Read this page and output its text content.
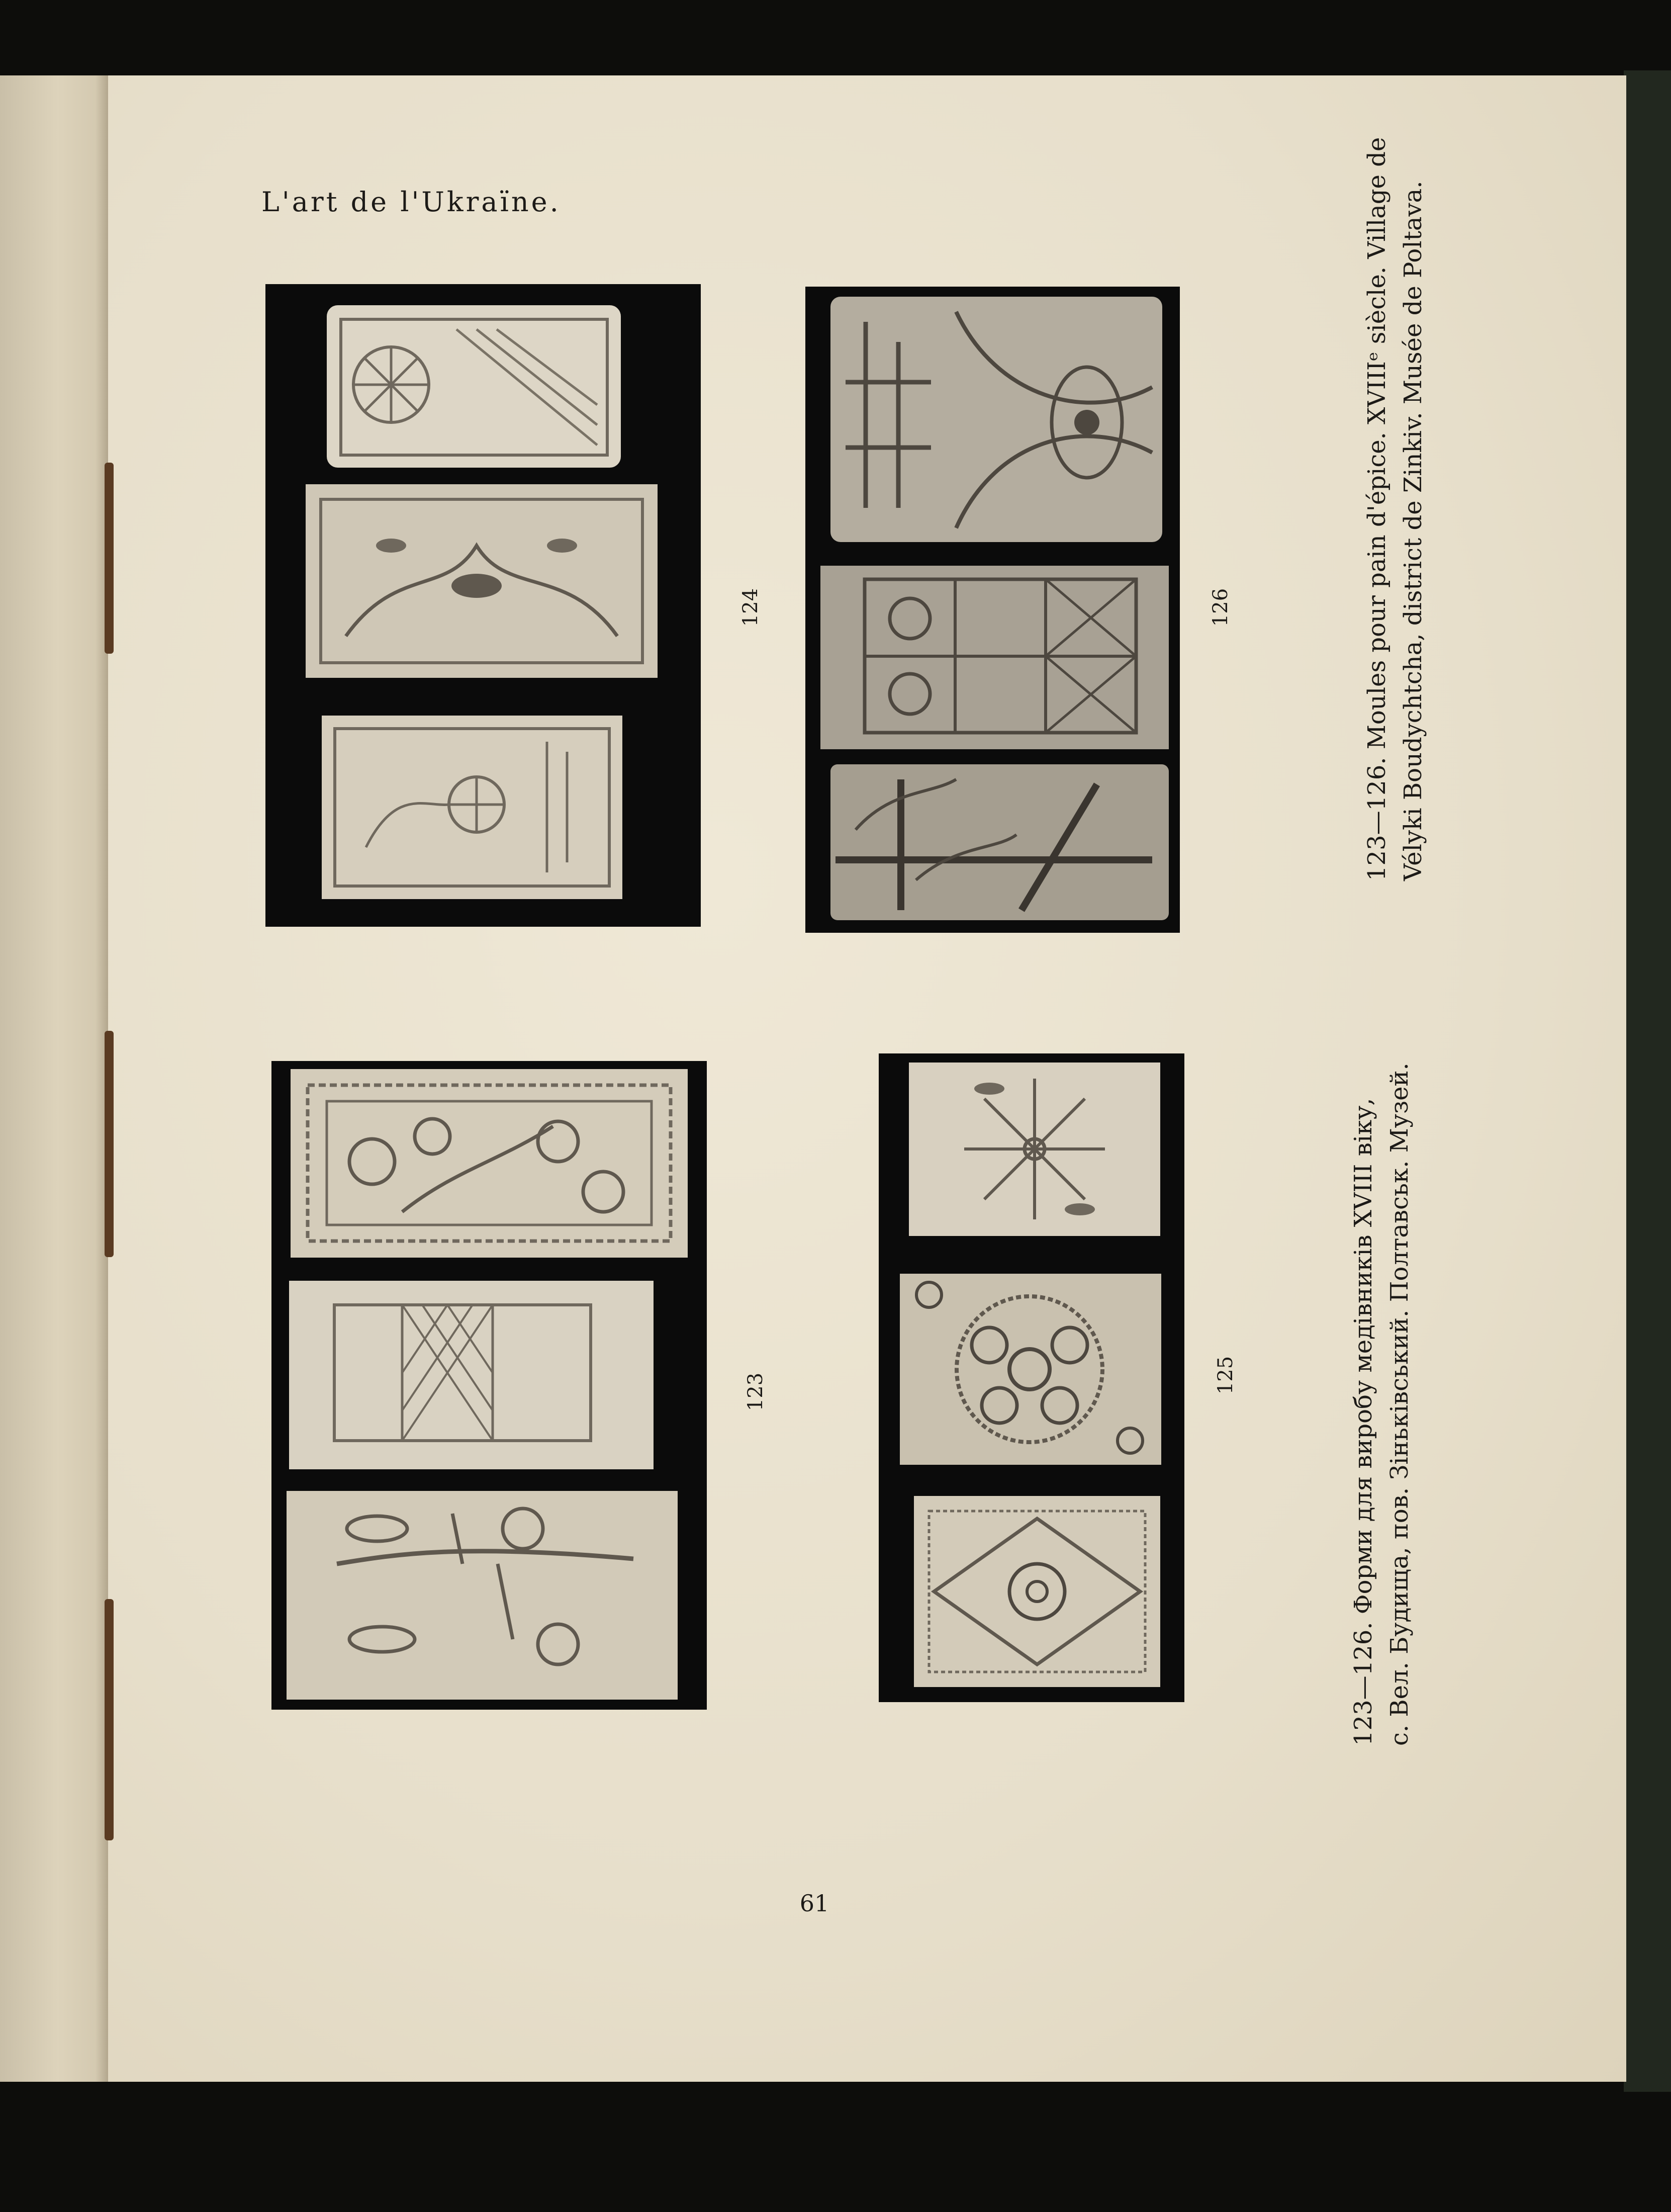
L'art de l'Ukraïne.
124	126
123	125
123—126. Moules pour pain d'épice. XVIIIᵉ siècle. Village de Vélyki Boudychtcha, district de Zinkiv. Musée de Poltava.
123—126. Форми для виробу медівників XVIII віку, с. Вел. Будища, пов. Зіньківський. Полтавськ. Музей.
61
